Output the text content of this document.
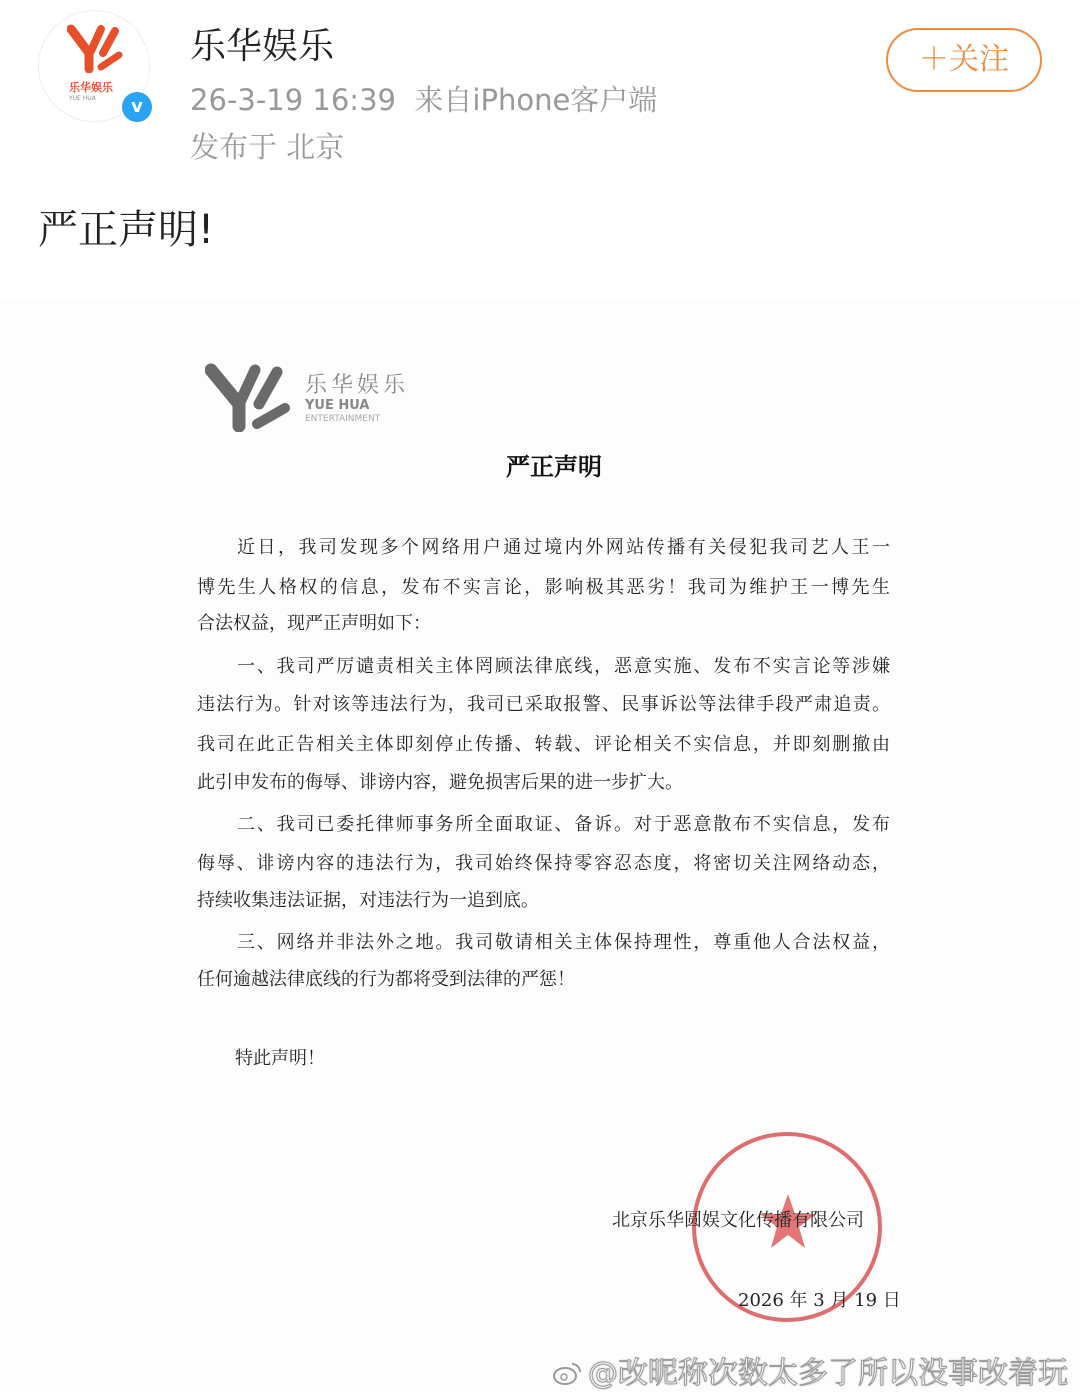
乐华娱乐
YUE HUA	v
乐华娱乐
26-3-19 16:39 来自iPhone客户端
发布于 北京
＋关注
严正声明!
乐华娱乐
YUE HUA
ENTERTAINMENT
严正声明
近日，我司发现多个网络用户通过境内外网站传播有关侵犯我司艺人王一
博先生人格权的信息，发布不实言论，影响极其恶劣！我司为维护王一博先生
合法权益，现严正声明如下：
一、我司严厉谴责相关主体罔顾法律底线，恶意实施、发布不实言论等涉嫌
违法行为。针对该等违法行为，我司已采取报警、民事诉讼等法律手段严肃追责。
我司在此正告相关主体即刻停止传播、转载、评论相关不实信息，并即刻删撤由
此引申发布的侮辱、诽谤内容，避免损害后果的进一步扩大。
二、我司已委托律师事务所全面取证、备诉。对于恶意散布不实信息，发布
侮辱、诽谤内容的违法行为，我司始终保持零容忍态度，将密切关注网络动态，
持续收集违法证据，对违法行为一追到底。
三、网络并非法外之地。我司敬请相关主体保持理性，尊重他人合法权益，
任何逾越法律底线的行为都将受到法律的严惩！
特此声明！
北京乐华圆娱文化传播有限公司
2026 年 3 月 19 日
@改昵称次数太多了所以没事改着玩
